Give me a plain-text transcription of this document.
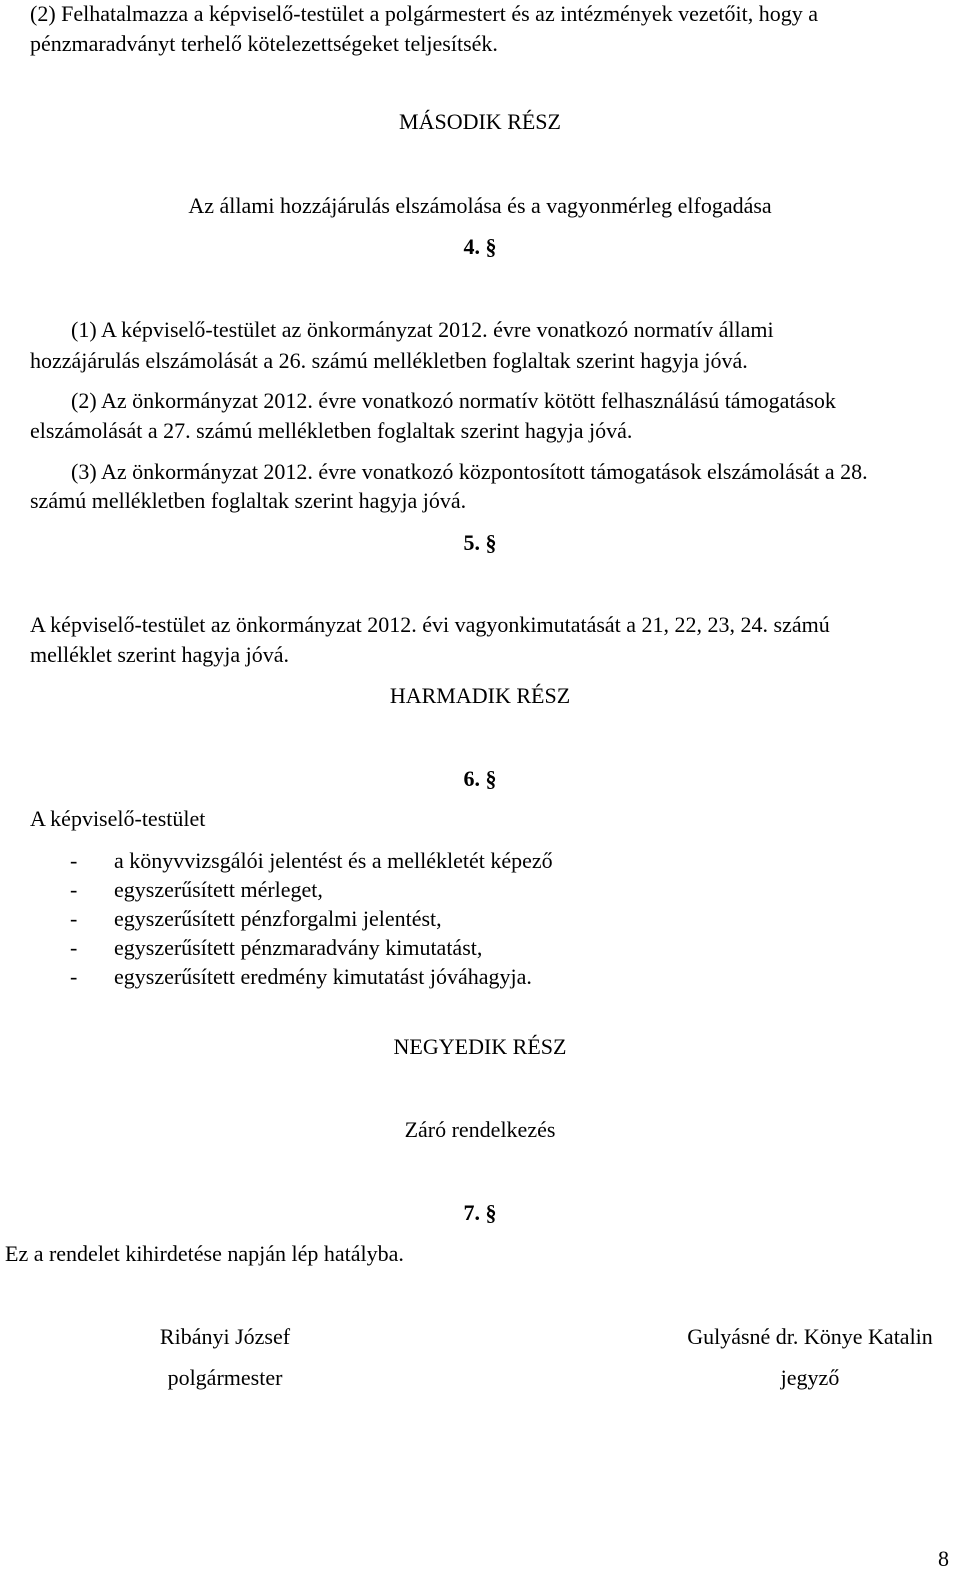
(2) Felhatalmazza a képviselő-testület a polgármestert és az intézmények vezetőit, hogy a
pénzmaradványt terhelő kötelezettségeket teljesítsék.
MÁSODIK RÉSZ
Az állami hozzájárulás elszámolása és a vagyonmérleg elfogadása
4. §
(1) A képviselő-testület az önkormányzat 2012. évre vonatkozó normatív állami
hozzájárulás elszámolását a 26. számú mellékletben foglaltak szerint hagyja jóvá.
(2) Az önkormányzat 2012. évre vonatkozó normatív kötött felhasználású támogatások
elszámolását a 27. számú mellékletben foglaltak szerint hagyja jóvá.
(3) Az önkormányzat 2012. évre vonatkozó központosított támogatások elszámolását a 28.
számú mellékletben foglaltak szerint hagyja jóvá.
5. §
A képviselő-testület az önkormányzat 2012. évi vagyonkimutatását a 21, 22, 23, 24. számú
melléklet szerint hagyja jóvá.
HARMADIK RÉSZ
6. §
A képviselő-testület
- a könyvvizsgálói jelentést és a mellékletét képező
- egyszerűsített mérleget,
- egyszerűsített pénzforgalmi jelentést,
- egyszerűsített pénzmaradvány kimutatást,
- egyszerűsített eredmény kimutatást jóváhagyja.
NEGYEDIK RÉSZ
Záró rendelkezés
7. §
Ez a rendelet kihirdetése napján lép hatályba.
Ribányi József
polgármester
Gulyásné dr. Könye Katalin
jegyző
8
